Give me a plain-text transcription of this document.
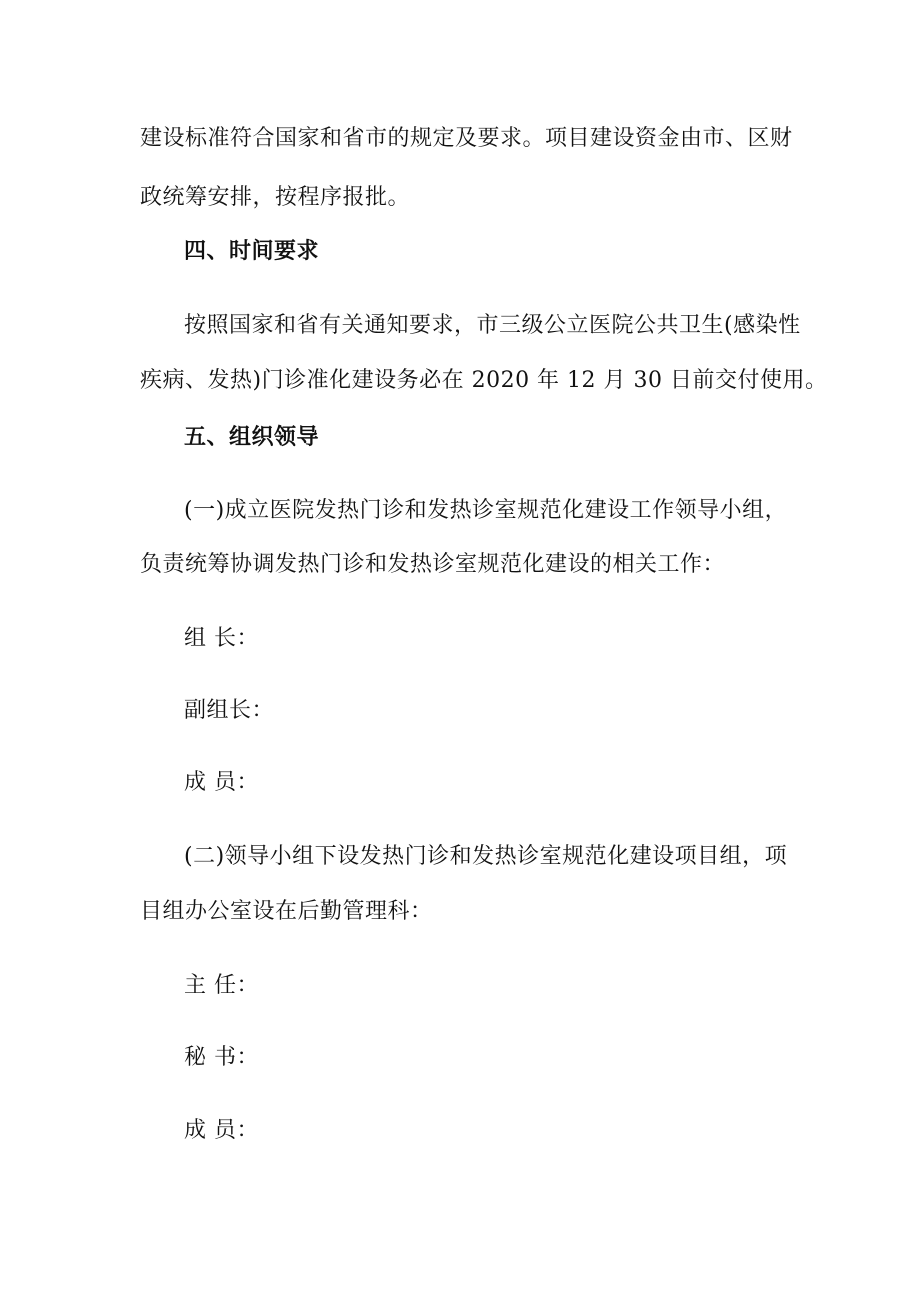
建设标准符合国家和省市的规定及要求。项目建设资金由市、区财
政统筹安排，按程序报批。
四、时间要求
按照国家和省有关通知要求，市三级公立医院公共卫生(感染性
疾病、发热)门诊准化建设务必在 2020 年 12 月 30 日前交付使用。
五、组织领导
(一)成立医院发热门诊和发热诊室规范化建设工作领导小组，
负责统筹协调发热门诊和发热诊室规范化建设的相关工作：
组 长：
副组长：
成 员：
(二)领导小组下设发热门诊和发热诊室规范化建设项目组，项
目组办公室设在后勤管理科：
主 任：
秘 书：
成 员：
